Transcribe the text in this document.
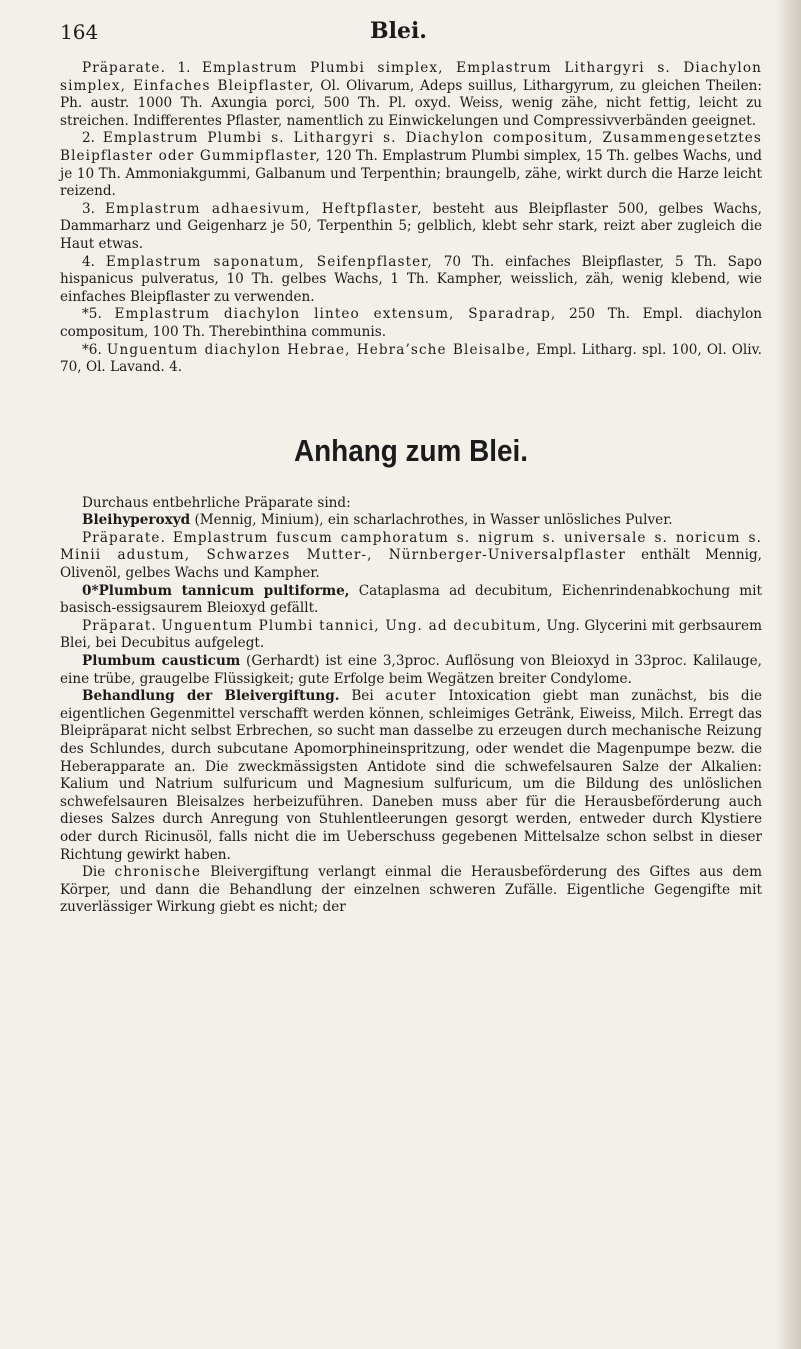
164	Blei.

Präparate. 1. Emplastrum Plumbi simplex, Emplastrum Lithargyri s. Diachylon simplex, Einfaches Bleipflaster, Ol. Olivarum, Adeps suillus, Lithargyrum, zu gleichen Theilen: Ph. austr. 1000 Th. Axungia porci, 500 Th. Pl. oxyd. Weiss, wenig zähe, nicht fettig, leicht zu streichen. Indifferentes Pflaster, namentlich zu Einwickelungen und Compressivverbänden geeignet.

2. Emplastrum Plumbi s. Lithargyri s. Diachylon compositum, Zusammengesetztes Bleipflaster oder Gummipflaster, 120 Th. Emplastrum Plumbi simplex, 15 Th. gelbes Wachs, und je 10 Th. Ammoniakgummi, Galbanum und Terpenthin; braungelb, zähe, wirkt durch die Harze leicht reizend.

3. Emplastrum adhaesivum, Heftpflaster, besteht aus Bleipflaster 500, gelbes Wachs, Dammarharz und Geigenharz je 50, Terpenthin 5; gelblich, klebt sehr stark, reizt aber zugleich die Haut etwas.

4. Emplastrum saponatum, Seifenpflaster, 70 Th. einfaches Bleipflaster, 5 Th. Sapo hispanicus pulveratus, 10 Th. gelbes Wachs, 1 Th. Kampher, weisslich, zäh, wenig klebend, wie einfaches Bleipflaster zu verwenden.

*5. Emplastrum diachylon linteo extensum, Sparadrap, 250 Th. Empl. diachylon compositum, 100 Th. Therebinthina communis.

*6. Unguentum diachylon Hebrae, Hebra’sche Bleisalbe, Empl. Litharg. spl. 100, Ol. Oliv. 70, Ol. Lavand. 4.

Anhang zum Blei.

Durchaus entbehrliche Präparate sind:

Bleihyperoxyd (Mennig, Minium), ein scharlachrothes, in Wasser unlösliches Pulver.

Präparate. Emplastrum fuscum camphoratum s. nigrum s. universale s. noricum s. Minii adustum, Schwarzes Mutter-, Nürnberger-Universalpflaster enthält Mennig, Olivenöl, gelbes Wachs und Kampher.

0*Plumbum tannicum pultiforme, Cataplasma ad decubitum, Eichenrindenabkochung mit basisch-essigsaurem Bleioxyd gefällt.

Präparat. Unguentum Plumbi tannici, Ung. ad decubitum, Ung. Glycerini mit gerbsaurem Blei, bei Decubitus aufgelegt.

Plumbum causticum (Gerhardt) ist eine 3,3proc. Auflösung von Bleioxyd in 33proc. Kalilauge, eine trübe, graugelbe Flüssigkeit; gute Erfolge beim Wegätzen breiter Condylome.

Behandlung der Bleivergiftung. Bei acuter Intoxication giebt man zunächst, bis die eigentlichen Gegenmittel verschafft werden können, schleimiges Getränk, Eiweiss, Milch. Erregt das Bleipräparat nicht selbst Erbrechen, so sucht man dasselbe zu erzeugen durch mechanische Reizung des Schlundes, durch subcutane Apomorphineinspritzung, oder wendet die Magenpumpe bezw. die Heberapparate an. Die zweckmässigsten Antidote sind die schwefelsauren Salze der Alkalien: Kalium und Natrium sulfuricum und Magnesium sulfuricum, um die Bildung des unlöslichen schwefelsauren Bleisalzes herbeizuführen. Daneben muss aber für die Herausbeförderung auch dieses Salzes durch Anregung von Stuhlentleerungen gesorgt werden, entweder durch Klystiere oder durch Ricinusöl, falls nicht die im Ueberschuss gegebenen Mittelsalze schon selbst in dieser Richtung gewirkt haben.

Die chronische Bleivergiftung verlangt einmal die Herausbeförderung des Giftes aus dem Körper, und dann die Behandlung der einzelnen schweren Zufälle. Eigentliche Gegengifte mit zuverlässiger Wirkung giebt es nicht; der
